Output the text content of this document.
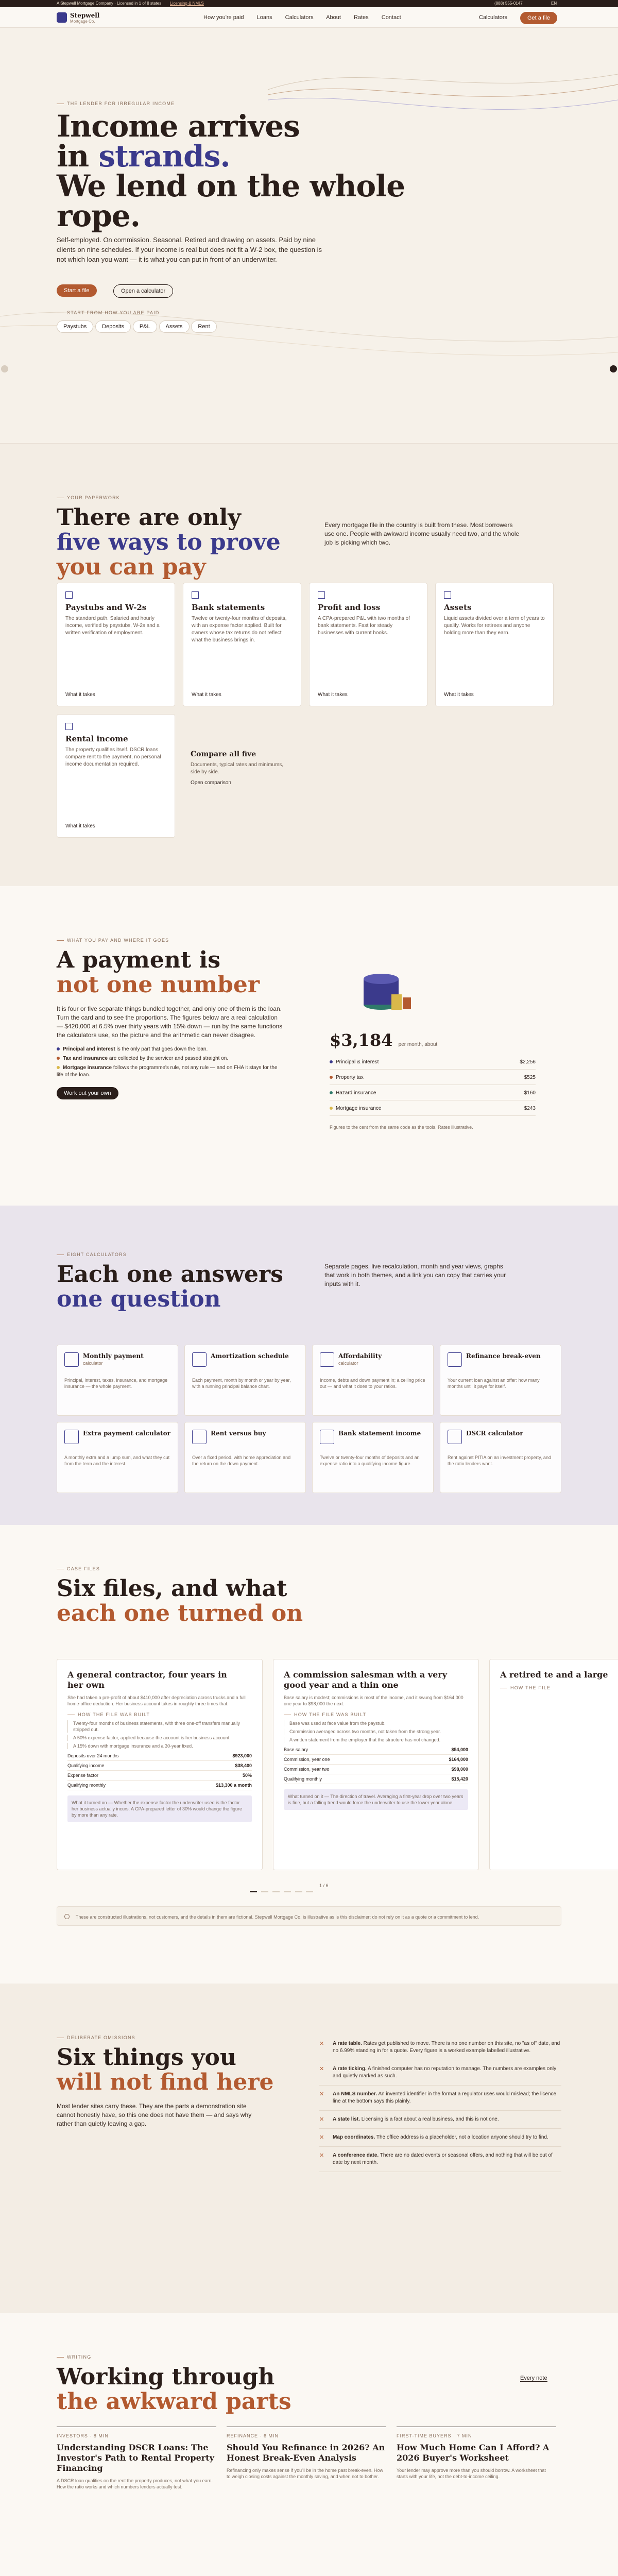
A Stepwell Mortgage Company · Licensed in 1 of 8 states Licensing & NMLS	(888) 555-0147	EN
Stepwell
Mortgage Co.
How you're paid Loans Calculators About Rates Contact	Calculators	Get a file
THE LENDER FOR IRREGULAR INCOME
Income arrives
in strands.
We lend on the whole
rope.

Self-employed. On commission. Seasonal. Retired and drawing on assets. Paid by nine clients on nine schedules. If your income is real but does not fit a W-2 box, the question is not which loan you want — it is what you can put in front of an underwriter.

Start a file	Open a calculator
START FROM HOW YOU ARE PAID
Paystubs	Deposits	P&L	Assets	Rent
YOUR PAPERWORK
There are only
five ways to prove
you can pay

Every mortgage file in the country is built from these. Most borrowers use one. People with awkward income usually need two, and the whole job is picking which two.

Paystubs and W-2s
The standard path. Salaried and hourly income, verified by paystubs, W-2s and a written verification of employment.
What it takes
Bank statements
Twelve or twenty-four months of deposits, with an expense factor applied. Built for owners whose tax returns do not reflect what the business brings in.
What it takes
Profit and loss
A CPA-prepared P&L with two months of bank statements. Fast for steady businesses with current books.
What it takes
Assets
Liquid assets divided over a term of years to qualify. Works for retirees and anyone holding more than they earn.
What it takes
Rental income
The property qualifies itself. DSCR loans compare rent to the payment, no personal income documentation required.
What it takes
Compare all five
Documents, typical rates and minimums, side by side.
Open comparison
WHAT YOU PAY AND WHERE IT GOES
A payment is
not one number

It is four or five separate things bundled together, and only one of them is the loan. Turn the card and to see the proportions. The figures below are a real calculation — $420,000 at 6.5% over thirty years with 15% down — run by the same functions the calculators use, so the picture and the arithmetic can never disagree.

Principal and interest is the only part that goes down the loan.
Tax and insurance are collected by the servicer and passed straight on.
Mortgage insurance follows the programme's rule, not any rule — and on FHA it stays for the life of the loan.
Work out your own
$3,184 per month, about
Principal & interest	$2,256
Property tax	$525
Hazard insurance	$160
Mortgage insurance	$243
Figures to the cent from the same code as the tools. Rates illustrative.
EIGHT CALCULATORS
Each one answers
one question

Separate pages, live recalculation, month and year views, graphs that work in both themes, and a link you can copy that carries your inputs with it.

Monthly payment
calculator
Principal, interest, taxes, insurance, and mortgage insurance — the whole payment.
Amortization schedule
Each payment, month by month or year by year, with a running principal balance chart.
Affordability
calculator
Income, debts and down payment in; a ceiling price out — and what it does to your ratios.
Refinance break-even
Your current loan against an offer: how many months until it pays for itself.
Extra payment calculator
A monthly extra and a lump sum, and what they cut from the term and the interest.
Rent versus buy
Over a fixed period, with home appreciation and the return on the down payment.
Bank statement income
Twelve or twenty-four months of deposits and an expense ratio into a qualifying income figure.
DSCR calculator
Rent against PITIA on an investment property, and the ratio lenders want.
CASE FILES
Six files, and what
each one turned on
A general contractor, four years in her own
She had taken a pre-profit of about $410,000 after depreciation across trucks and a full home-office deduction. Her business account takes in roughly three times that.
HOW THE FILE WAS BUILT
Twenty-four months of business statements, with three one-off transfers manually stripped out.
A 50% expense factor, applied because the account is her business account.
A 15% down with mortgage insurance and a 30-year fixed.
Deposits over 24 months	$923,000
Qualifying income	$38,400
Expense factor	50%
Qualifying monthly	$13,300 a month
What it turned on — Whether the expense factor the underwriter used is the factor her business actually incurs. A CPA-prepared letter of 30% would change the figure by more than any rate.
A commission salesman with a very good year and a thin one
Base salary is modest; commissions is most of the income, and it swung from $164,000 one year to $98,000 the next.
HOW THE FILE WAS BUILT
Base was used at face value from the paystub.
Commission averaged across two months, not taken from the strong year.
A written statement from the employer that the structure has not changed.
Base salary	$54,000
Commission, year one	$164,000
Commission, year two	$98,000
Qualifying monthly	$15,420
What turned on it — The direction of travel. Averaging a first-year drop over two years is fine, but a falling trend would force the underwriter to use the lower year alone.
A retired te and a large
HOW THE FILE

1 / 6
These are constructed illustrations, not customers, and the details in them are fictional. Stepwell Mortgage Co. is illustrative as is this disclaimer; do not rely on it as a quote or a commitment to lend.
DELIBERATE OMISSIONS
Six things you
will not find here

Most lender sites carry these. They are the parts a demonstration site cannot honestly have, so this one does not have them — and says why rather than quietly leaving a gap.

✕ A rate table. Rates get published to move. There is no one number on this site, no "as of" date, and no 6.99% standing in for a quote. Every figure is a worked example labelled illustrative.
✕ A rate ticking. A finished computer has no reputation to manage. The numbers are examples only and quietly marked as such.
✕ An NMLS number. An invented identifier in the format a regulator uses would mislead; the licence line at the bottom says this plainly.
✕ A state list. Licensing is a fact about a real business, and this is not one.
✕ Map coordinates. The office address is a placeholder, not a location anyone should try to find.
✕ A conference date. There are no dated events or seasonal offers, and nothing that will be out of date by next month.
WRITING
Working through
the awkward parts
Every note
INVESTORS · 8 MIN
Understanding DSCR Loans: The Investor's Path to Rental Property Financing
A DSCR loan qualifies on the rent the property produces, not what you earn. How the ratio works and which numbers lenders actually test.
REFINANCE · 6 MIN
Should You Refinance in 2026? An Honest Break-Even Analysis
Refinancing only makes sense if you'll be in the home past break-even. How to weigh closing costs against the monthly saving, and when not to bother.
FIRST-TIME BUYERS · 7 MIN
How Much Home Can I Afford? A 2026 Buyer's Worksheet
Your lender may approve more than you should borrow. A worksheet that starts with your life, not the debt-to-income ceiling.
